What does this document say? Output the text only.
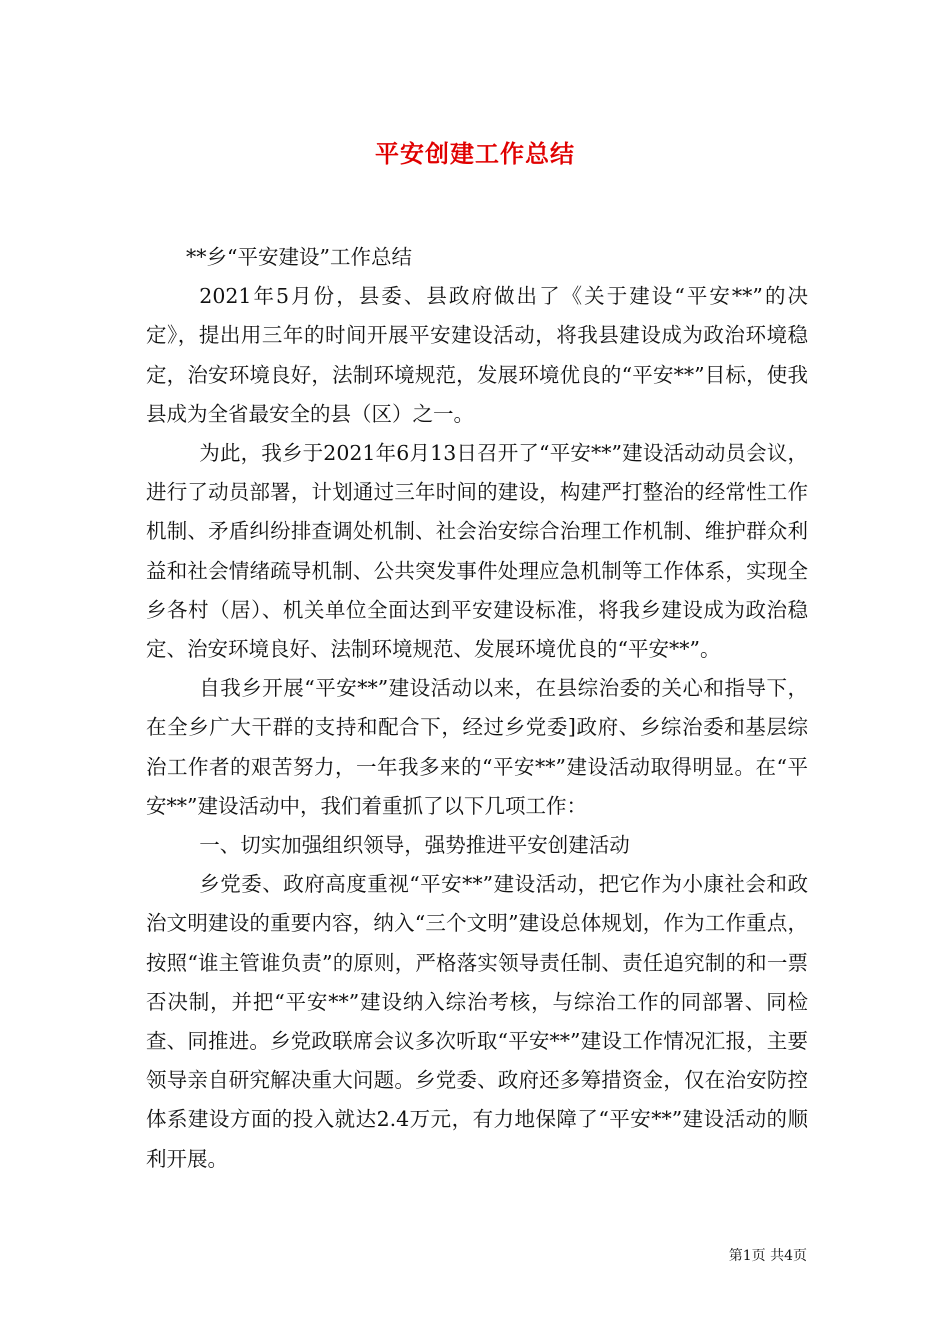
平安创建工作总结

**乡“平安建设”工作总结

2021年5月份，县委、县政府做出了《关于建设“平安**”的决定》，提出用三年的时间开展平安建设活动，将我县建设成为政治环境稳定，治安环境良好，法制环境规范，发展环境优良的“平安**”目标，使我县成为全省最安全的县（区）之一。

为此，我乡于2021年6月13日召开了“平安**”建设活动动员会议，进行了动员部署，计划通过三年时间的建设，构建严打整治的经常性工作机制、矛盾纠纷排查调处机制、社会治安综合治理工作机制、维护群众利益和社会情绪疏导机制、公共突发事件处理应急机制等工作体系，实现全乡各村（居）、机关单位全面达到平安建设标准，将我乡建设成为政治稳定、治安环境良好、法制环境规范、发展环境优良的“平安**”。

自我乡开展“平安**”建设活动以来，在县综治委的关心和指导下，在全乡广大干群的支持和配合下，经过乡党委]政府、乡综治委和基层综治工作者的艰苦努力，一年我多来的“平安**”建设活动取得明显。在“平安**”建设活动中，我们着重抓了以下几项工作：

一、切实加强组织领导，强势推进平安创建活动

乡党委、政府高度重视“平安**”建设活动，把它作为小康社会和政治文明建设的重要内容，纳入“三个文明”建设总体规划，作为工作重点，按照“谁主管谁负责”的原则，严格落实领导责任制、责任追究制的和一票否决制，并把“平安**”建设纳入综治考核，与综治工作的同部署、同检查、同推进。乡党政联席会议多次听取“平安**”建设工作情况汇报，主要领导亲自研究解决重大问题。乡党委、政府还多筹措资金，仅在治安防控体系建设方面的投入就达2.4万元，有力地保障了“平安**”建设活动的顺利开展。

第1页 共4页
